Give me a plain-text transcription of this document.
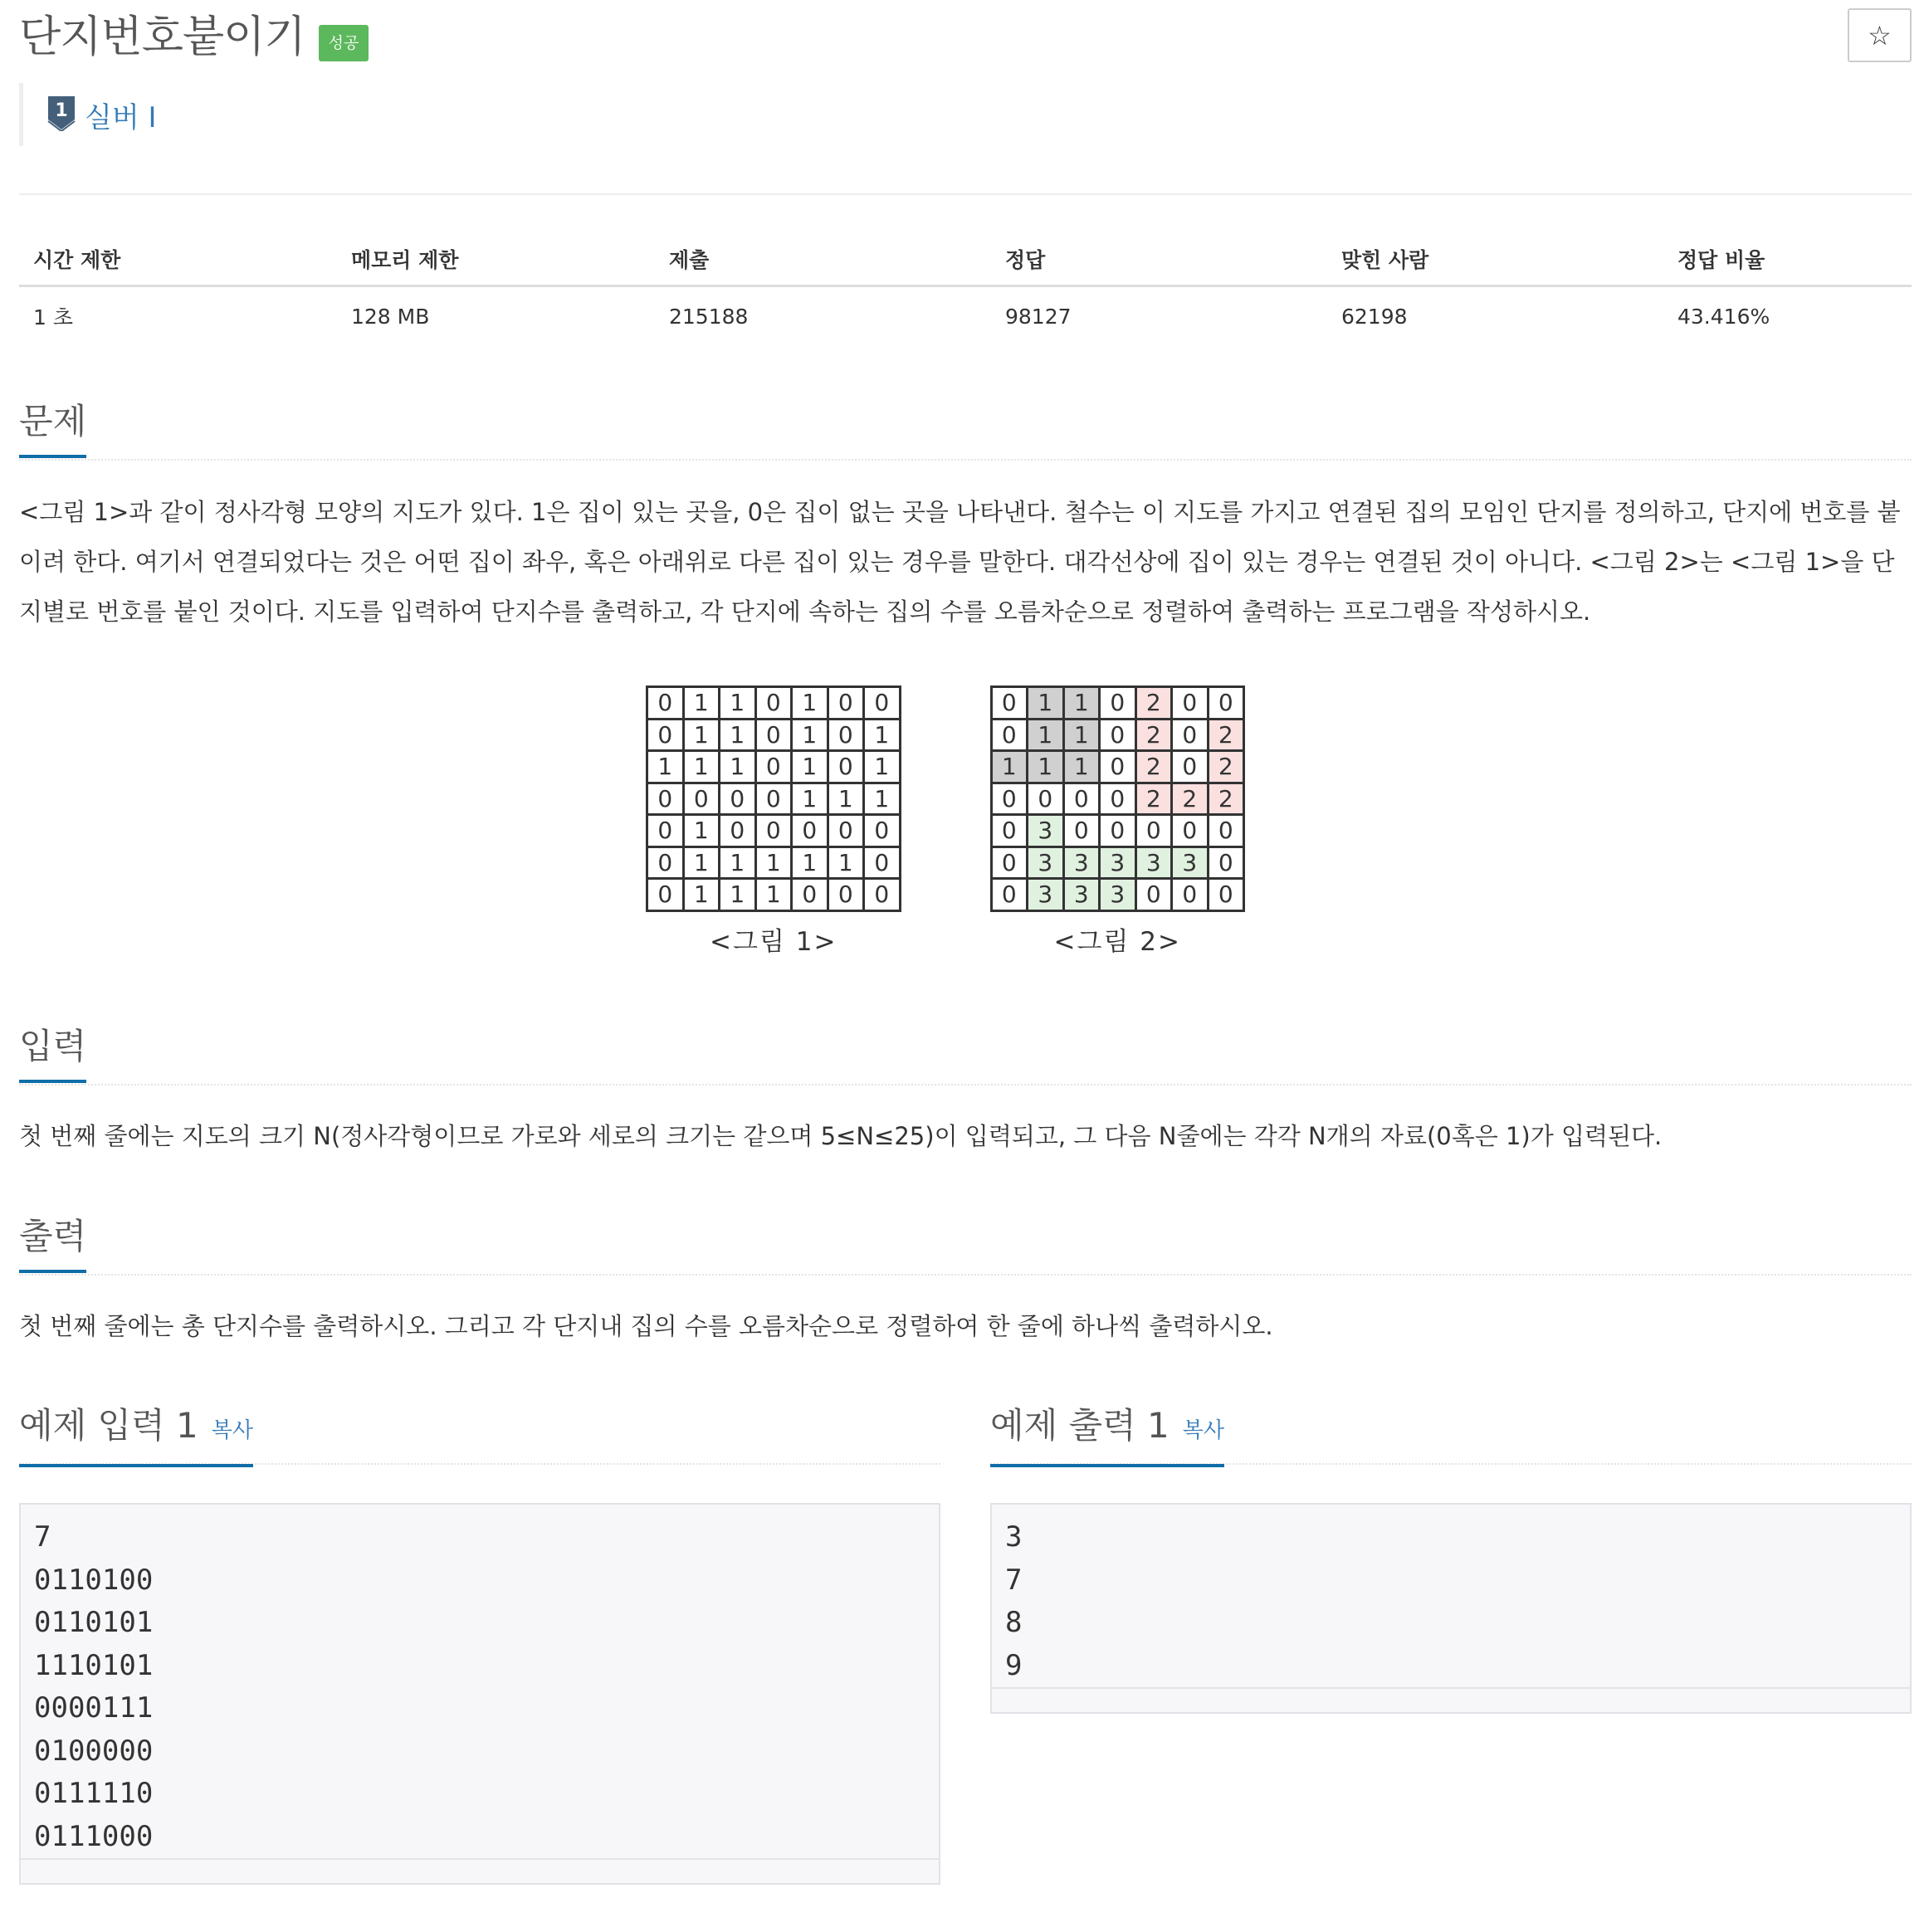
단지번호붙이기	성공	☆
1 실버 I
시간 제한	메모리 제한	제출	정답	맞힌 사람	정답 비율
1 초	128 MB	215188	98127	62198	43.416%
문제
<그림 1>과 같이 정사각형 모양의 지도가 있다. 1은 집이 있는 곳을, 0은 집이 없는 곳을 나타낸다. 철수는 이 지도를 가지고 연결된 집의 모임인 단지를 정의하고, 단지에 번호를 붙이려 한다. 여기서 연결되었다는 것은 어떤 집이 좌우, 혹은 아래위로 다른 집이 있는 경우를 말한다. 대각선상에 집이 있는 경우는 연결된 것이 아니다. <그림 2>는 <그림 1>을 단지별로 번호를 붙인 것이다. 지도를 입력하여 단지수를 출력하고, 각 단지에 속하는 집의 수를 오름차순으로 정렬하여 출력하는 프로그램을 작성하시오.
0	1	1	0	1	0	0
0	1	1	0	1	0	1
1	1	1	0	1	0	1
0	0	0	0	1	1	1
0	1	0	0	0	0	0
0	1	1	1	1	1	0
0	1	1	1	0	0	0
<그림 1>
0	1	1	0	2	0	0
0	1	1	0	2	0	2
1	1	1	0	2	0	2
0	0	0	0	2	2	2
0	3	0	0	0	0	0
0	3	3	3	3	3	0
0	3	3	3	0	0	0
<그림 2>
입력
첫 번째 줄에는 지도의 크기 N(정사각형이므로 가로와 세로의 크기는 같으며 5≤N≤25)이 입력되고, 그 다음 N줄에는 각각 N개의 자료(0혹은 1)가 입력된다.
출력
첫 번째 줄에는 총 단지수를 출력하시오. 그리고 각 단지내 집의 수를 오름차순으로 정렬하여 한 줄에 하나씩 출력하시오.
예제 입력 1 복사
7
0110100
0110101
1110101
0000111
0100000
0111110
0111000

예제 출력 1 복사
3
7
8
9
